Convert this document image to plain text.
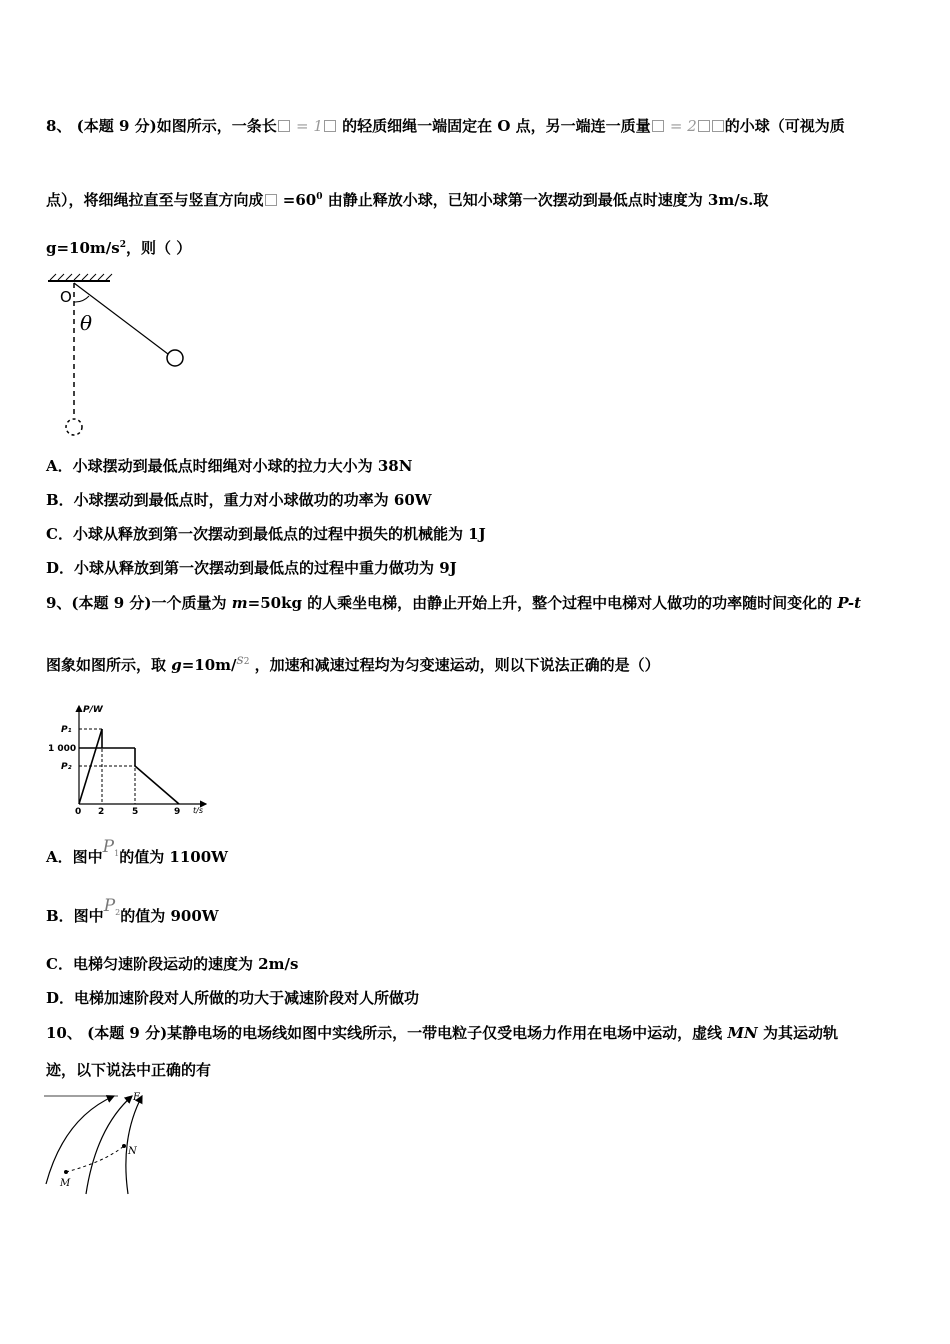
8、 (本题 9 分)如图所示，一条长 = 1 的轻质细绳一端固定在 O 点，另一端连一质量 = 2 的小球（可视为质
点），将细绳拉直至与竖直方向成 $=60^0$ 由静止释放小球，已知小球第一次摆动到最低点时速度为 3m/s.取
$g=10m/s^2$，则（ ）
O
θ
A．小球摆动到最低点时细绳对小球的拉力大小为 38N
B．小球摆动到最低点时，重力对小球做功的功率为 60W
C．小球从释放到第一次摆动到最低点的过程中损失的机械能为 1J
D．小球从释放到第一次摆动到最低点的过程中重力做功为 9J
9、(本题 9 分)一个质量为 m=50kg 的人乘坐电梯，由静止开始上升，整个过程中电梯对人做功的功率随时间变化的 P-t
图象如图所示，取 $g=10m/s^2$ ，加速和减速过程均为匀变速运动，则以下说法正确的是（）
P/W
t/s
P₁
1 000
P₂
0 2	5	9
A．图中$P^1$的值为 1100W
B．图中$P^2$的值为 900W
C．电梯匀速阶段运动的速度为 2m/s
D．电梯加速阶段对人所做的功大于减速阶段对人所做功
10、 (本题 9 分)某静电场的电场线如图中实线所示，一带电粒子仅受电场力作用在电场中运动，虚线 MN 为其运动轨
迹，以下说法中正确的有
E
N
M
